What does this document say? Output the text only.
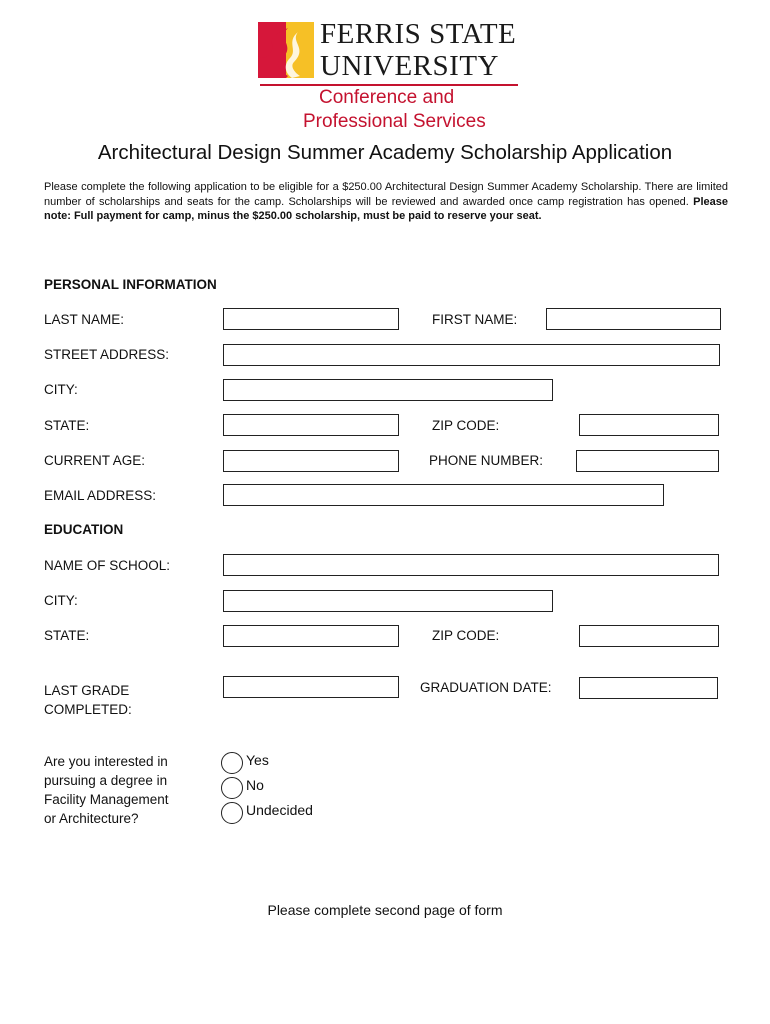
FERRIS STATE
UNIVERSITY
Conference and
Professional Services
Architectural Design Summer Academy Scholarship Application
Please complete the following application to be eligible for a $250.00 Architectural Design Summer Academy Scholarship. There are limited number of scholarships and seats for the camp. Scholarships will be reviewed and awarded once camp registration has opened. Please note: Full payment for camp, minus the $250.00 scholarship, must be paid to reserve your seat.
PERSONAL INFORMATION
LAST NAME:	FIRST NAME:
STREET ADDRESS:
CITY:
STATE:	ZIP CODE:
CURRENT AGE:	PHONE NUMBER:
EMAIL ADDRESS:
EDUCATION
NAME OF SCHOOL:
CITY:
STATE:	ZIP CODE:
LAST GRADE
COMPLETED:
GRADUATION DATE:
Are you interested in
pursuing a degree in
Facility Management
or Architecture?
Yes
No
Undecided
Please complete second page of form
